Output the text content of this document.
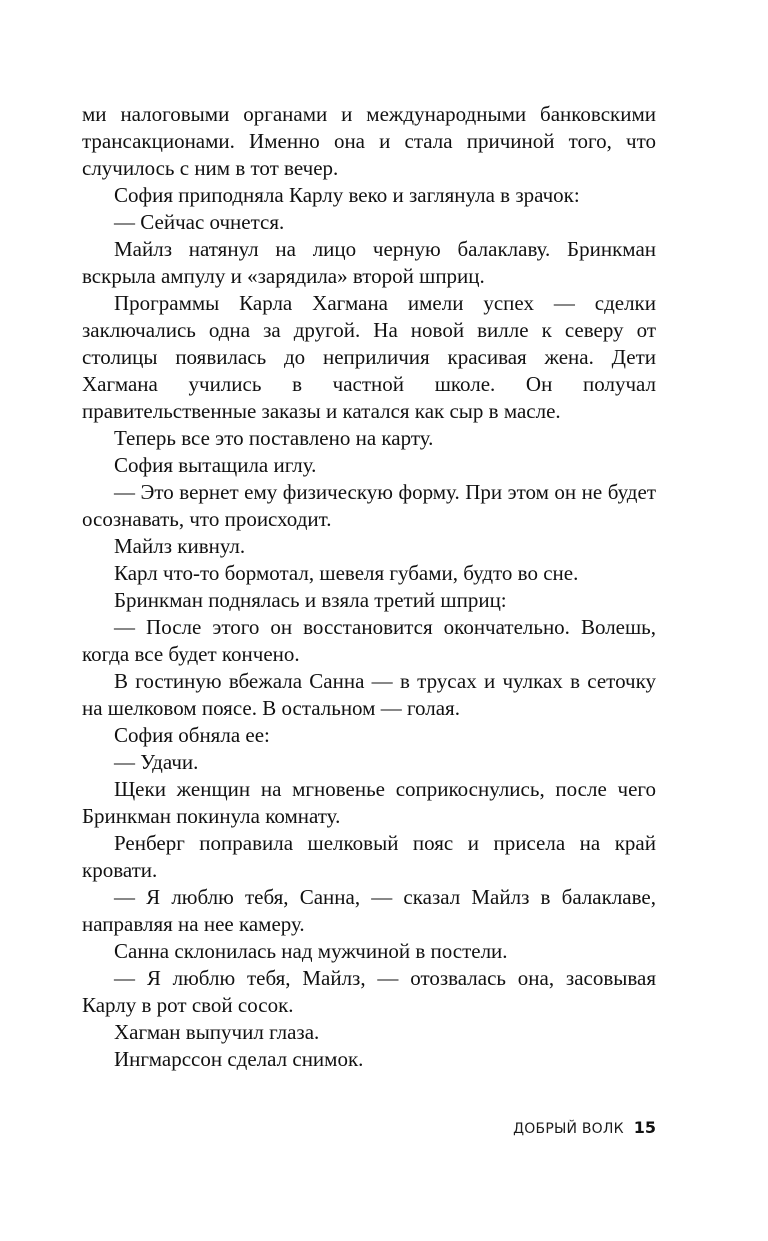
ми налоговыми органами и международными банковскими трансакционами. Именно она и стала причиной того, что случилось с ним в тот вечер.

София приподняла Карлу веко и заглянула в зрачок:

— Сейчас очнется.

Майлз натянул на лицо черную балаклаву. Бринкман вскрыла ампулу и «зарядила» второй шприц.

Программы Карла Хагмана имели успех — сделки заключались одна за другой. На новой вилле к северу от столицы появилась до неприличия красивая жена. Дети Хагмана учились в частной школе. Он получал правительственные заказы и катался как сыр в масле.

Теперь все это поставлено на карту.

София вытащила иглу.

— Это вернет ему физическую форму. При этом он не будет осознавать, что происходит.

Майлз кивнул.

Карл что-то бормотал, шевеля губами, будто во сне.

Бринкман поднялась и взяла третий шприц:

— После этого он восстановится окончательно. Волешь, когда все будет кончено.

В гостиную вбежала Санна — в трусах и чулках в сеточку на шелковом поясе. В остальном — голая.

София обняла ее:

— Удачи.

Щеки женщин на мгновенье соприкоснулись, после чего Бринкман покинула комнату.

Ренберг поправила шелковый пояс и присела на край кровати.

— Я люблю тебя, Санна, — сказал Майлз в балаклаве, направляя на нее камеру.

Санна склонилась над мужчиной в постели.

— Я люблю тебя, Майлз, — отозвалась она, засовывая Карлу в рот свой сосок.

Хагман выпучил глаза.

Ингмарссон сделал снимок.

ДОБРЫЙ ВОЛК 15
